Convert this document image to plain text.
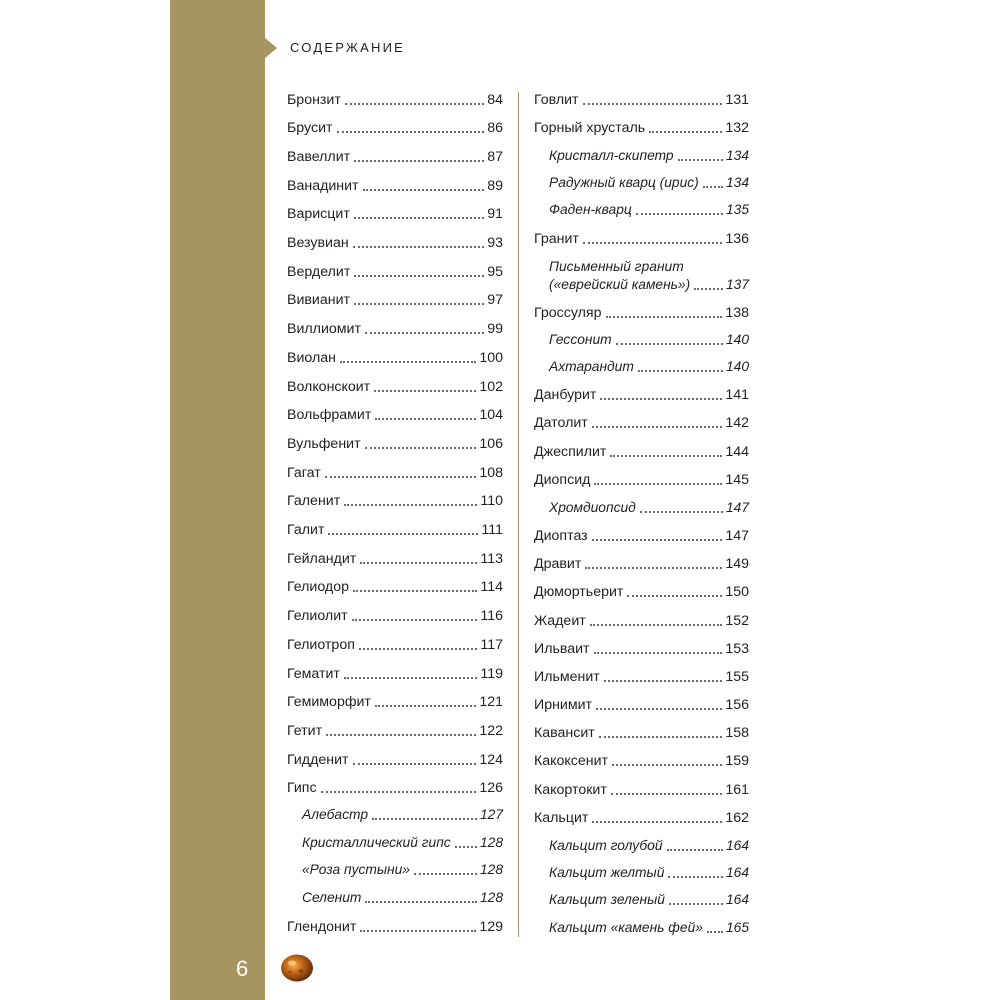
СОДЕРЖАНИЕ
6
Бронзит	84
Брусит	86
Вавеллит	87
Ванадинит	89
Варисцит	91
Везувиан	93
Верделит	95
Вивианит	97
Виллиомит	99
Виолан	100
Волконскоит	102
Вольфрамит	104
Вульфенит	106
Гагат	108
Галенит	110
Галит	111
Гейландит	113
Гелиодор	114
Гелиолит	116
Гелиотроп	117
Гематит	119
Гемиморфит	121
Гетит	122
Гидденит	124
Гипс	126
Алебастр	127
Кристаллический гипс 128
«Роза пустыни»	128
Селенит	128
Глендонит	129
Говлит	131
Горный хрусталь	132
Кристалл-скипетр	134
Радужный кварц (ирис) 134
Фаден-кварц	135
Гранит	136
Письменный гранит
(«еврейский камень»)	137
Гроссуляр	138
Гессонит	140
Ахтарандит	140
Данбурит	141
Датолит	142
Джеспилит	144
Диопсид	145
Хромдиопсид	147
Диоптаз	147
Дравит	149
Дюмортьерит	150
Жадеит	152
Ильваит	153
Ильменит	155
Ирнимит	156
Кавансит	158
Какоксенит	159
Какортокит	161
Кальцит	162
Кальцит голубой	164
Кальцит желтый	164
Кальцит зеленый	164
Кальцит «камень фей» 165
